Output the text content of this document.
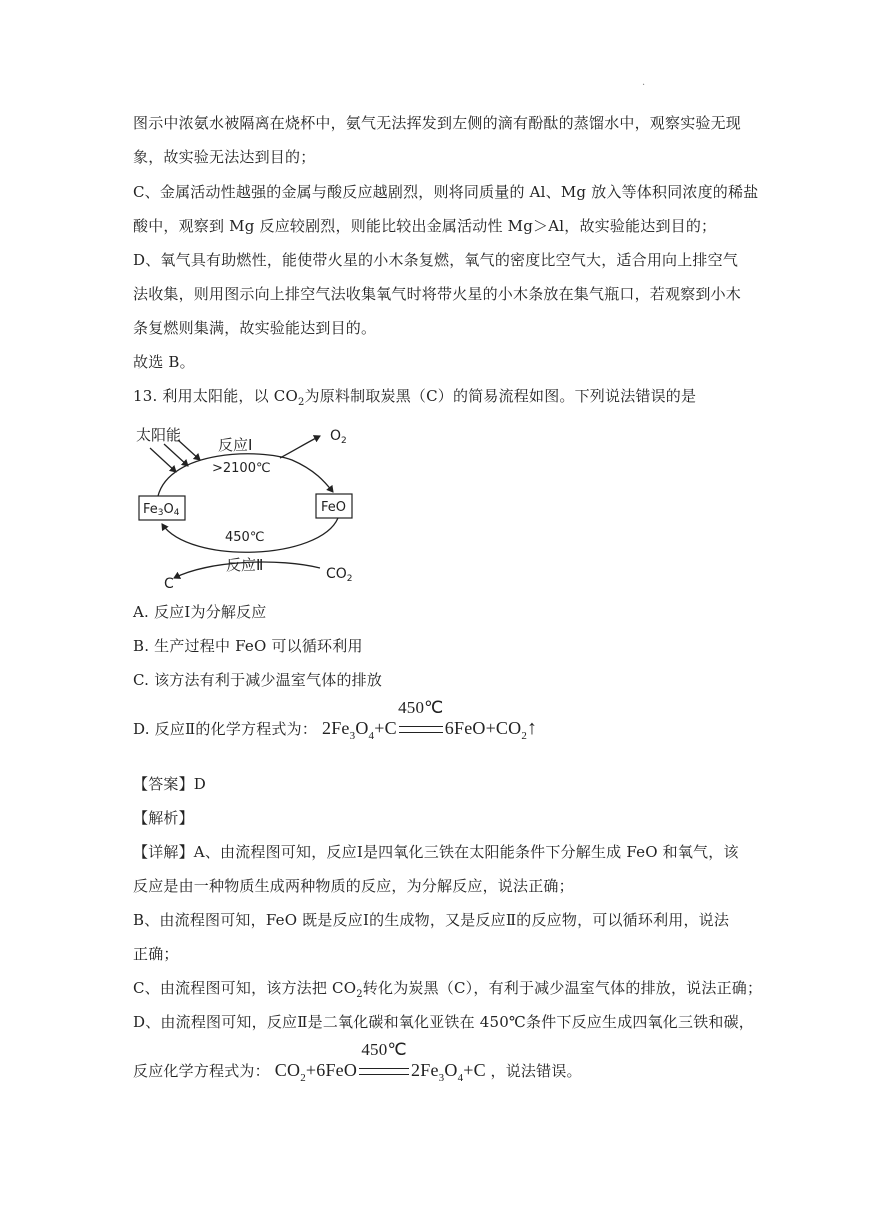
·
图示中浓氨水被隔离在烧杯中，氨气无法挥发到左侧的滴有酚酞的蒸馏水中，观察实验无现
象，故实验无法达到目的；
C、金属活动性越强的金属与酸反应越剧烈，则将同质量的 Al、Mg 放入等体积同浓度的稀盐
酸中，观察到 Mg 反应较剧烈，则能比较出金属活动性 Mg＞Al，故实验能达到目的；
D、氧气具有助燃性，能使带火星的小木条复燃，氧气的密度比空气大，适合用向上排空气
法收集，则用图示向上排空气法收集氧气时将带火星的小木条放在集气瓶口，若观察到小木
条复燃则集满，故实验能达到目的。
故选 B。
13. 利用太阳能，以 $CO_2$为原料制取炭黑（C）的简易流程如图。下列说法错误的是
太阳能
反应Ⅰ
>2100℃
$O_2$
Fe3O4	FeO
450℃
反应Ⅱ
C
$CO_2$
A. 反应Ⅰ为分解反应
B. 生产过程中 FeO 可以循环利用
C. 该方法有利于减少温室气体的排放
D. 反应Ⅱ的化学方程式为： $2Fe_3O_4+C$
450℃
$6FeO+CO_2↑$
【答案】D
【解析】
【详解】A、由流程图可知，反应Ⅰ是四氧化三铁在太阳能条件下分解生成 FeO 和氧气，该
反应是由一种物质生成两种物质的反应，为分解反应，说法正确；
B、由流程图可知，FeO 既是反应Ⅰ的生成物，又是反应Ⅱ的反应物，可以循环利用，说法
正确；
C、由流程图可知，该方法把 $CO_2$转化为炭黑（C），有利于减少温室气体的排放，说法正确；
D、由流程图可知，反应Ⅱ是二氧化碳和氧化亚铁在 450℃条件下反应生成四氧化三铁和碳，
反应化学方程式为： $CO_2+6FeO$
450℃
$2Fe_3O_4+C$ ，说法错误。
